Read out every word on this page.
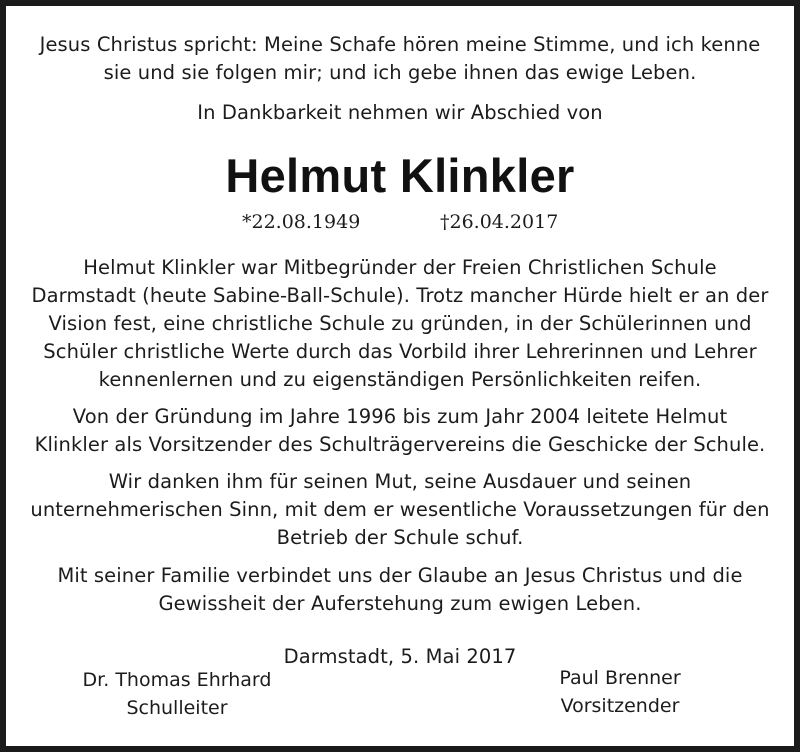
Jesus Christus spricht: Meine Schafe hören meine Stimme, und ich kenne
sie und sie folgen mir; und ich gebe ihnen das ewige Leben.
In Dankbarkeit nehmen wir Abschied von
Helmut Klinkler
*22.08.1949	†26.04.2017
Helmut Klinkler war Mitbegründer der Freien Christlichen Schule
Darmstadt (heute Sabine-Ball-Schule). Trotz mancher Hürde hielt er an der
Vision fest, eine christliche Schule zu gründen, in der Schülerinnen und
Schüler christliche Werte durch das Vorbild ihrer Lehrerinnen und Lehrer
kennenlernen und zu eigenständigen Persönlichkeiten reifen.
Von der Gründung im Jahre 1996 bis zum Jahr 2004 leitete Helmut
Klinkler als Vorsitzender des Schulträgervereins die Geschicke der Schule.
Wir danken ihm für seinen Mut, seine Ausdauer und seinen
unternehmerischen Sinn, mit dem er wesentliche Voraussetzungen für den
Betrieb der Schule schuf.
Mit seiner Familie verbindet uns der Glaube an Jesus Christus und die
Gewissheit der Auferstehung zum ewigen Leben.
Darmstadt, 5. Mai 2017
Dr. Thomas Ehrhard
Schulleiter
Paul Brenner
Vorsitzender
